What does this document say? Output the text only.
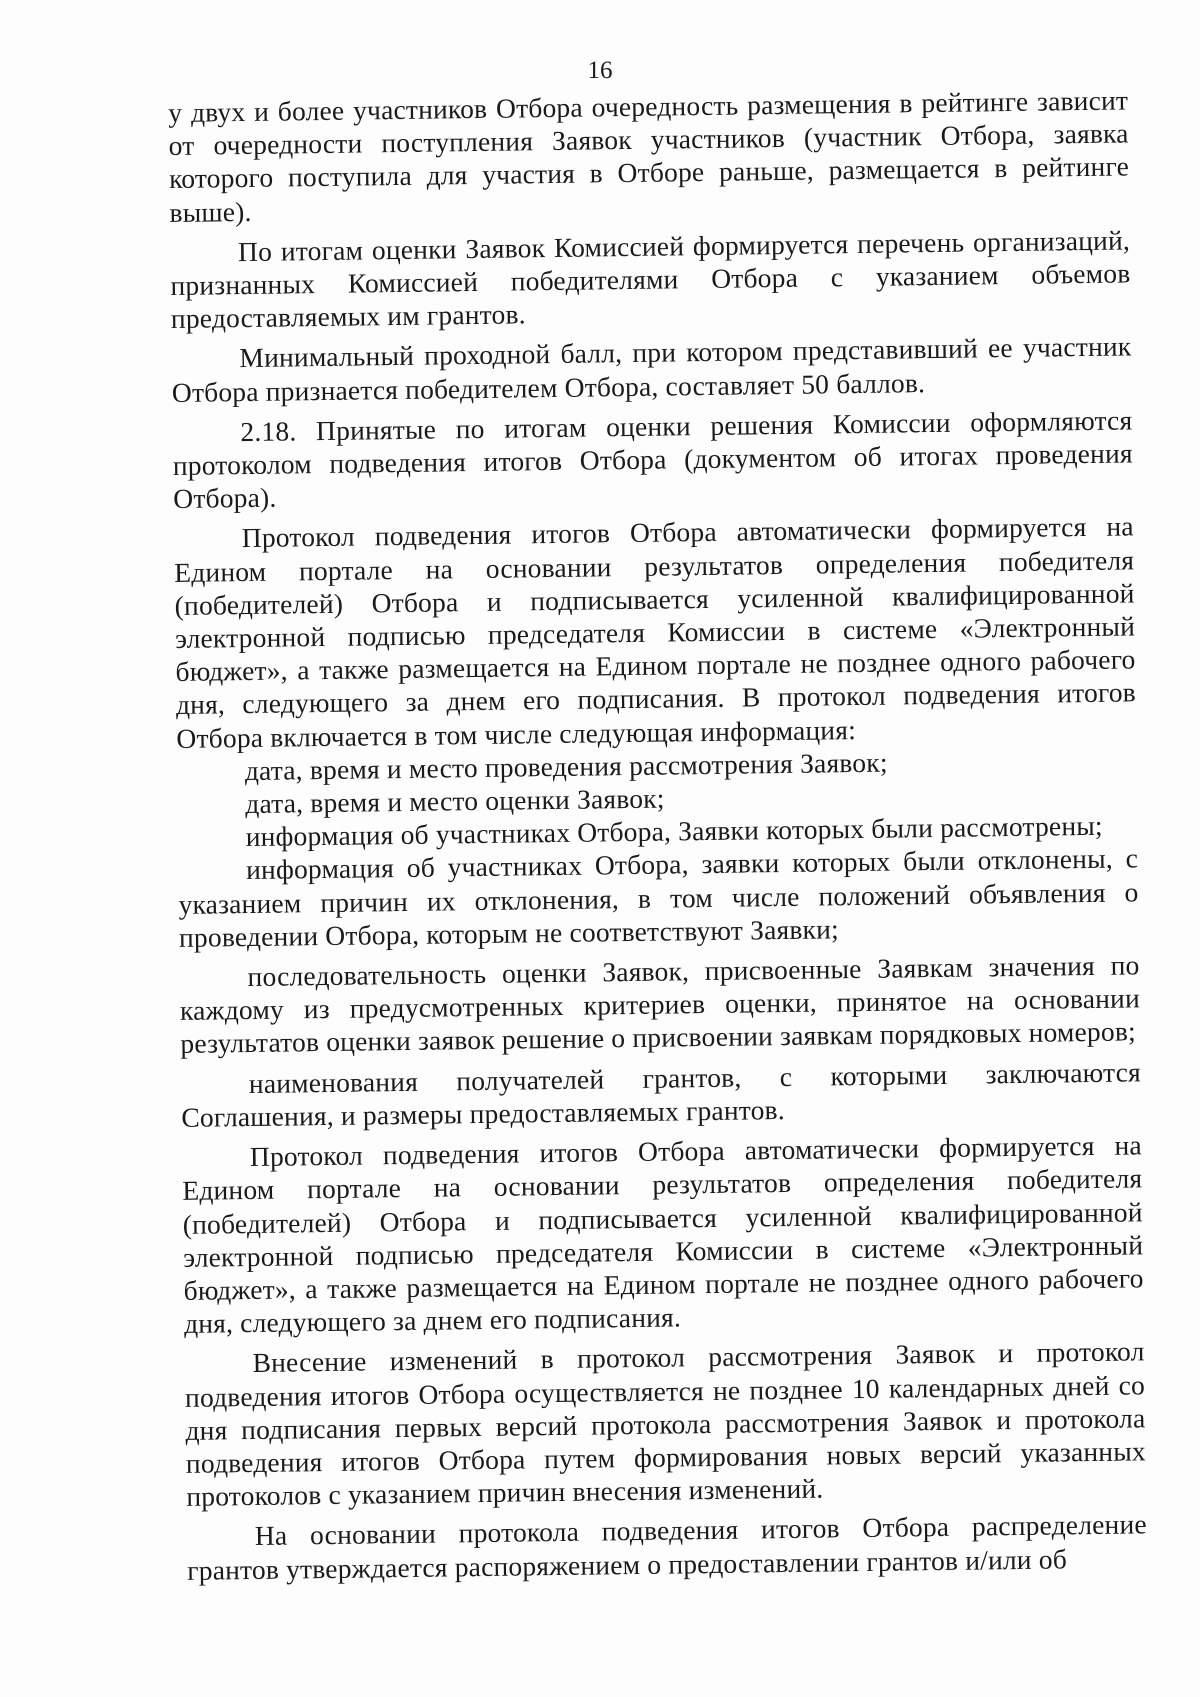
16

у двух и более участников Отбора очередность размещения в рейтинге зависит от очередности поступления Заявок участников (участник Отбора, заявка которого поступила для участия в Отборе раньше, размещается в рейтинге выше).

По итогам оценки Заявок Комиссией формируется перечень организаций, признанных Комиссией победителями Отбора с указанием объемов предоставляемых им грантов.

Минимальный проходной балл, при котором представивший ее участник Отбора признается победителем Отбора, составляет 50 баллов.

2.18. Принятые по итогам оценки решения Комиссии оформляются протоколом подведения итогов Отбора (документом об итогах проведения Отбора).

Протокол подведения итогов Отбора автоматически формируется на Едином портале на основании результатов определения победителя (победителей) Отбора и подписывается усиленной квалифицированной электронной подписью председателя Комиссии в системе «Электронный бюджет», а также размещается на Едином портале не позднее одного рабочего дня, следующего за днем его подписания. В протокол подведения итогов Отбора включается в том числе следующая информация:

дата, время и место проведения рассмотрения Заявок;

дата, время и место оценки Заявок;

информация об участниках Отбора, Заявки которых были рассмотрены;

информация об участниках Отбора, заявки которых были отклонены, с указанием причин их отклонения, в том числе положений объявления о проведении Отбора, которым не соответствуют Заявки;

последовательность оценки Заявок, присвоенные Заявкам значения по каждому из предусмотренных критериев оценки, принятое на основании результатов оценки заявок решение о присвоении заявкам порядковых номеров;

наименования получателей грантов, с которыми заключаются Соглашения, и размеры предоставляемых грантов.

Протокол подведения итогов Отбора автоматически формируется на Едином портале на основании результатов определения победителя (победителей) Отбора и подписывается усиленной квалифицированной электронной подписью председателя Комиссии в системе «Электронный бюджет», а также размещается на Едином портале не позднее одного рабочего дня, следующего за днем его подписания.

Внесение изменений в протокол рассмотрения Заявок и протокол подведения итогов Отбора осуществляется не позднее 10 календарных дней со дня подписания первых версий протокола рассмотрения Заявок и протокола подведения итогов Отбора путем формирования новых версий указанных протоколов с указанием причин внесения изменений.

На основании протокола подведения итогов Отбора распределение грантов утверждается распоряжением о предоставлении грантов и/или об
